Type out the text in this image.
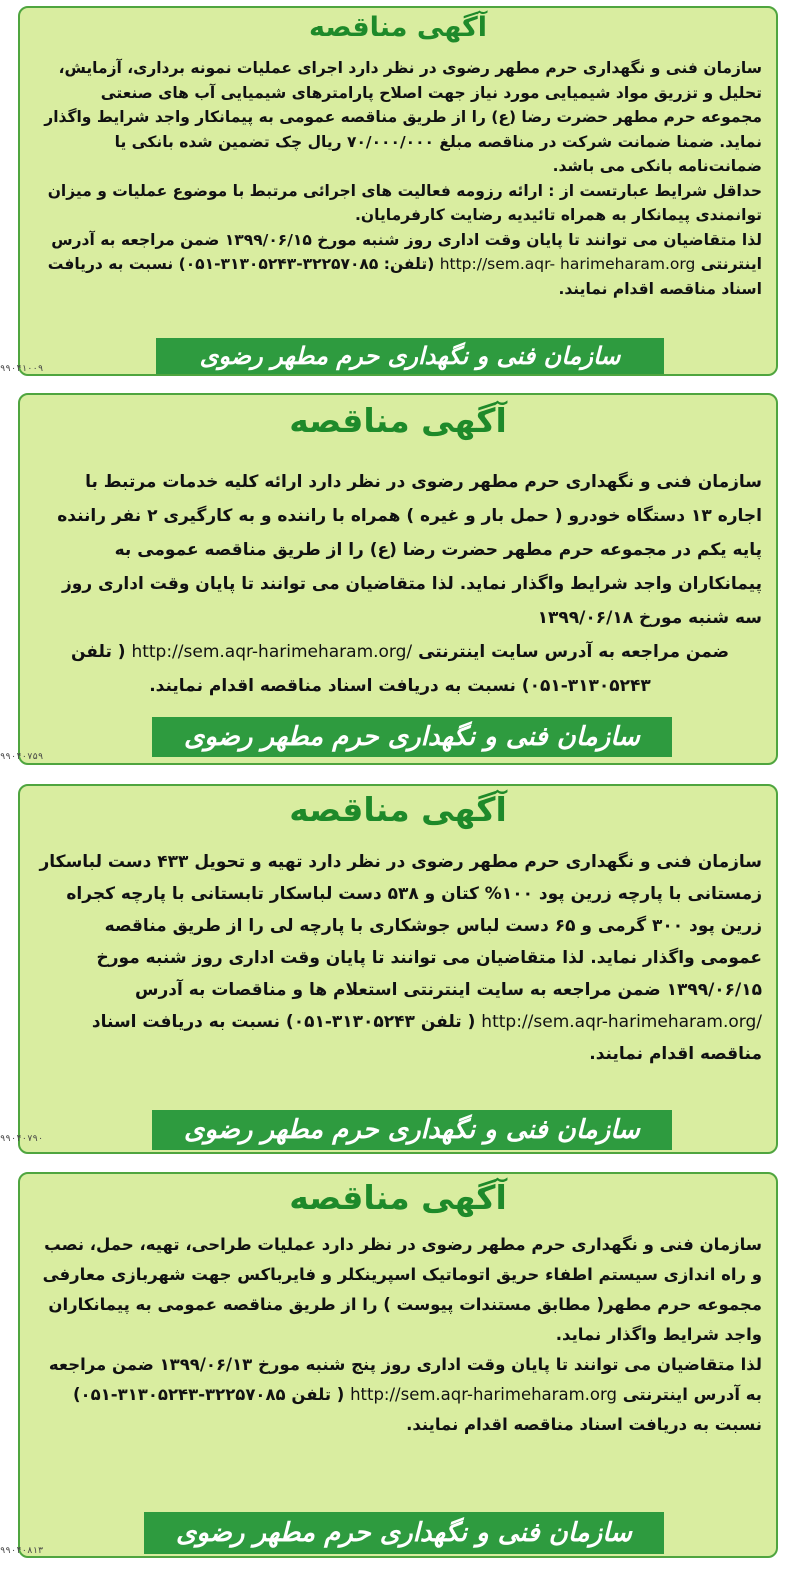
آگهی مناقصه

سازمان فنی و نگهداری حرم مطهر رضوی در نظر دارد اجرای عملیات نمونه برداری، آزمایش، تحلیل و تزریق مواد شیمیایی مورد نیاز جهت اصلاح پارامترهای شیمیایی آب های صنعتی مجموعه حرم مطهر حضرت رضا (ع) را از طریق مناقصه عمومی به پیمانکار واجد شرایط واگذار نماید. ضمنا ضمانت شرکت در مناقصه مبلغ ۷۰/۰۰۰/۰۰۰ ریال چک تضمین شده بانکی یا ضمانت‌نامه بانکی می باشد.

حداقل شرایط عبارتست از : ارائه رزومه فعالیت های اجرائی مرتبط با موضوع عملیات و میزان توانمندی پیمانکار به همراه تائیدیه رضایت کارفرمایان.

لذا متقاضیان می توانند تا پایان وقت اداری روز شنبه مورخ ۱۳۹۹/۰۶/۱۵ ضمن مراجعه به آدرس اینترنتی http://sem.aqr- harimeharam.org (تلفن: ۳۲۲۵۷۰۸۵-۳۱۳۰۵۲۴۳-۰۵۱) نسبت به دریافت اسناد مناقصه اقدام نمایند.

سازمان فنی و نگهداری حرم مطهر رضوی
۹۹۰۴۱۰۰۹
آگهی مناقصه

سازمان فنی و نگهداری حرم مطهر رضوی در نظر دارد ارائه کلیه خدمات مرتبط با اجاره ۱۳ دستگاه خودرو ( حمل بار و غیره ) همراه با راننده و به کارگیری ۲ نفر راننده پایه یکم در مجموعه حرم مطهر حضرت رضا (ع) را از طریق مناقصه عمومی به پیمانکاران واجد شرایط واگذار نماید. لذا متقاضیان می توانند تا پایان وقت اداری روز سه شنبه مورخ ۱۳۹۹/۰۶/۱۸

ضمن مراجعه به آدرس سایت اینترنتی http://sem.aqr-harimeharam.org/ ( تلفن ۳۱۳۰۵۲۴۳-۰۵۱) نسبت به دریافت اسناد مناقصه اقدام نمایند.

سازمان فنی و نگهداری حرم مطهر رضوی
۹۹۰۴۰۷۵۹
آگهی مناقصه

سازمان فنی و نگهداری حرم مطهر رضوی در نظر دارد تهیه و تحویل ۴۳۳ دست لباسکار زمستانی با پارچه زرین پود ۱۰۰% کتان و ۵۳۸ دست لباسکار تابستانی با پارچه کجراه زرین پود ۳۰۰ گرمی و ۶۵ دست لباس جوشکاری با پارچه لی را از طریق مناقصه عمومی واگذار نماید. لذا متقاضیان می توانند تا پایان وقت اداری روز شنبه مورخ ۱۳۹۹/۰۶/۱۵ ضمن مراجعه به سایت اینترنتی استعلام ها و مناقصات به آدرس http://sem.aqr-harimeharam.org/ ( تلفن ۳۱۳۰۵۲۴۳-۰۵۱) نسبت به دریافت اسناد مناقصه اقدام نمایند.

سازمان فنی و نگهداری حرم مطهر رضوی
۹۹۰۴۰۷۹۰
آگهی مناقصه

سازمان فنی و نگهداری حرم مطهر رضوی در نظر دارد عملیات طراحی، تهیه، حمل، نصب و راه اندازی سیستم اطفاء حریق اتوماتیک اسپرینکلر و فایرباکس جهت شهربازی معارفی مجموعه حرم مطهر( مطابق مستندات پیوست ) را از طریق مناقصه عمومی به پیمانکاران واجد شرایط واگذار نماید.

لذا متقاضیان می توانند تا پایان وقت اداری روز پنج شنبه مورخ ۱۳۹۹/۰۶/۱۳ ضمن مراجعه به آدرس اینترنتی http://sem.aqr-harimeharam.org ( تلفن ۳۲۲۵۷۰۸۵-۳۱۳۰۵۲۴۳-۰۵۱) نسبت به دریافت اسناد مناقصه اقدام نمایند.

سازمان فنی و نگهداری حرم مطهر رضوی
۹۹۰۴۰۸۱۳
